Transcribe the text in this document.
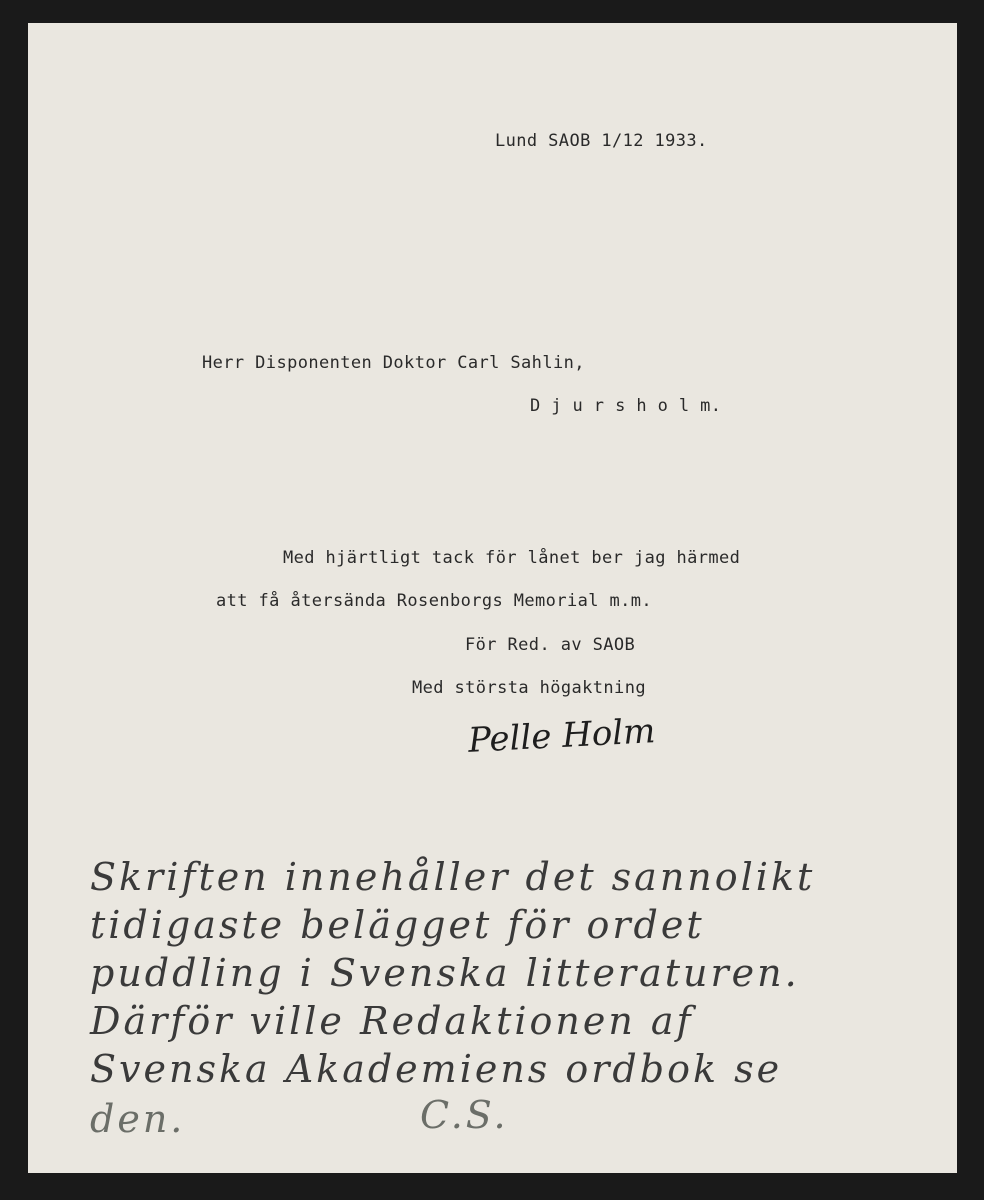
Lund SAOB 1/12 1933.
Herr Disponenten Doktor Carl Sahlin,
D j u r s h o l m.
Med hjärtligt tack för lånet ber jag härmed
att få återsända Rosenborgs Memorial m.m.
För Red. av SAOB
Med största högaktning
Pelle Holm
Skriften innehåller det sannolikt
tidigaste belägget för ordet
puddling i Svenska litteraturen.
Därför ville Redaktionen af
Svenska Akademiens ordbok se
den.	C.S.
